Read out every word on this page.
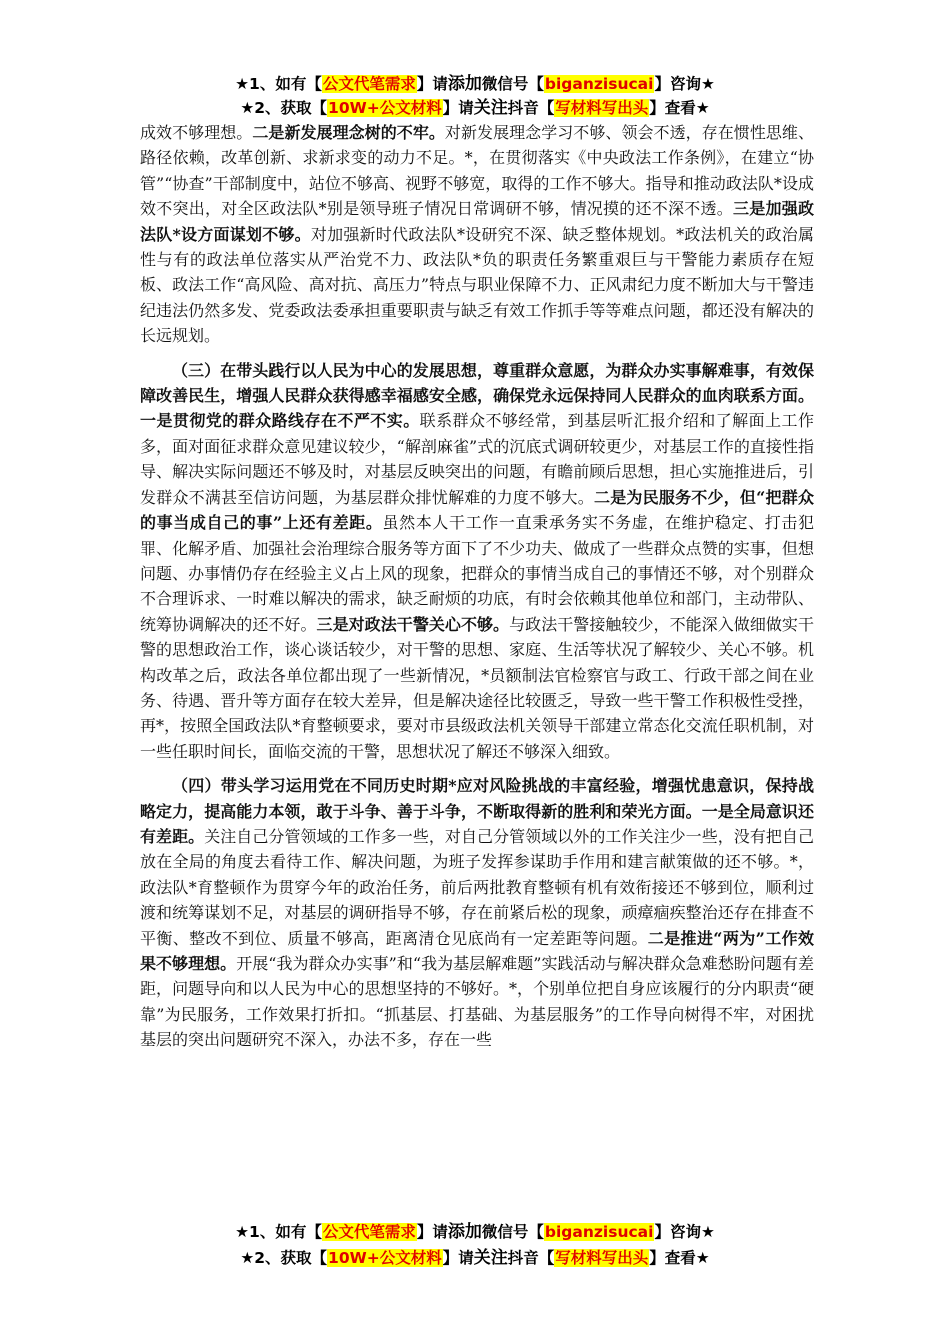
★1、如有【公文代笔需求】请添加微信号【biganzisucai】咨询★
★2、获取【10W+公文材料】请关注抖音【写材料写出头】查看★

成效不够理想。二是新发展理念树的不牢。对新发展理念学习不够、领会不透，存在惯性思维、路径依赖，改革创新、求新求变的动力不足。*，在贯彻落实《中央政法工作条例》，在建立“协管”“协查”干部制度中，站位不够高、视野不够宽，取得的工作不够大。指导和推动政法队*设成效不突出，对全区政法队*别是领导班子情况日常调研不够，情况摸的还不深不透。三是加强政法队*设方面谋划不够。对加强新时代政法队*设研究不深、缺乏整体规划。*政法机关的政治属性与有的政法单位落实从严治党不力、政法队*负的职责任务繁重艰巨与干警能力素质存在短板、政法工作“高风险、高对抗、高压力”特点与职业保障不力、正风肃纪力度不断加大与干警违纪违法仍然多发、党委政法委承担重要职责与缺乏有效工作抓手等等难点问题，都还没有解决的长远规划。

（三）在带头践行以人民为中心的发展思想，尊重群众意愿，为群众办实事解难事，有效保障改善民生，增强人民群众获得感幸福感安全感，确保党永远保持同人民群众的血肉联系方面。一是贯彻党的群众路线存在不严不实。联系群众不够经常，到基层听汇报介绍和了解面上工作多，面对面征求群众意见建议较少，“解剖麻雀”式的沉底式调研较更少，对基层工作的直接性指导、解决实际问题还不够及时，对基层反映突出的问题，有瞻前顾后思想，担心实施推进后，引发群众不满甚至信访问题，为基层群众排忧解难的力度不够大。二是为民服务不少，但“把群众的事当成自己的事”上还有差距。虽然本人干工作一直秉承务实不务虚，在维护稳定、打击犯罪、化解矛盾、加强社会治理综合服务等方面下了不少功夫、做成了一些群众点赞的实事，但想问题、办事情仍存在经验主义占上风的现象，把群众的事情当成自己的事情还不够，对个别群众不合理诉求、一时难以解决的需求，缺乏耐烦的功底，有时会依赖其他单位和部门，主动带队、统筹协调解决的还不好。三是对政法干警关心不够。与政法干警接触较少，不能深入做细做实干警的思想政治工作，谈心谈话较少，对干警的思想、家庭、生活等状况了解较少、关心不够。机构改革之后，政法各单位都出现了一些新情况，*员额制法官检察官与政工、行政干部之间在业务、待遇、晋升等方面存在较大差异，但是解决途径比较匮乏，导致一些干警工作积极性受挫，再*，按照全国政法队*育整顿要求，要对市县级政法机关领导干部建立常态化交流任职机制，对一些任职时间长，面临交流的干警，思想状况了解还不够深入细致。

（四）带头学习运用党在不同历史时期*应对风险挑战的丰富经验，增强忧患意识，保持战略定力，提高能力本领，敢于斗争、善于斗争，不断取得新的胜利和荣光方面。一是全局意识还有差距。关注自己分管领域的工作多一些，对自己分管领域以外的工作关注少一些，没有把自己放在全局的角度去看待工作、解决问题，为班子发挥参谋助手作用和建言献策做的还不够。*，政法队*育整顿作为贯穿今年的政治任务，前后两批教育整顿有机有效衔接还不够到位，顺利过渡和统筹谋划不足，对基层的调研指导不够，存在前紧后松的现象，顽瘴痼疾整治还存在排查不平衡、整改不到位、质量不够高，距离清仓见底尚有一定差距等问题。二是推进“两为”工作效果不够理想。开展“我为群众办实事”和“我为基层解难题”实践活动与解决群众急难愁盼问题有差距，问题导向和以人民为中心的思想坚持的不够好。*，个别单位把自身应该履行的分内职责“硬靠”为民服务，工作效果打折扣。“抓基层、打基础、为基层服务”的工作导向树得不牢，对困扰基层的突出问题研究不深入，办法不多，存在一些

★1、如有【公文代笔需求】请添加微信号【biganzisucai】咨询★
★2、获取【10W+公文材料】请关注抖音【写材料写出头】查看★
